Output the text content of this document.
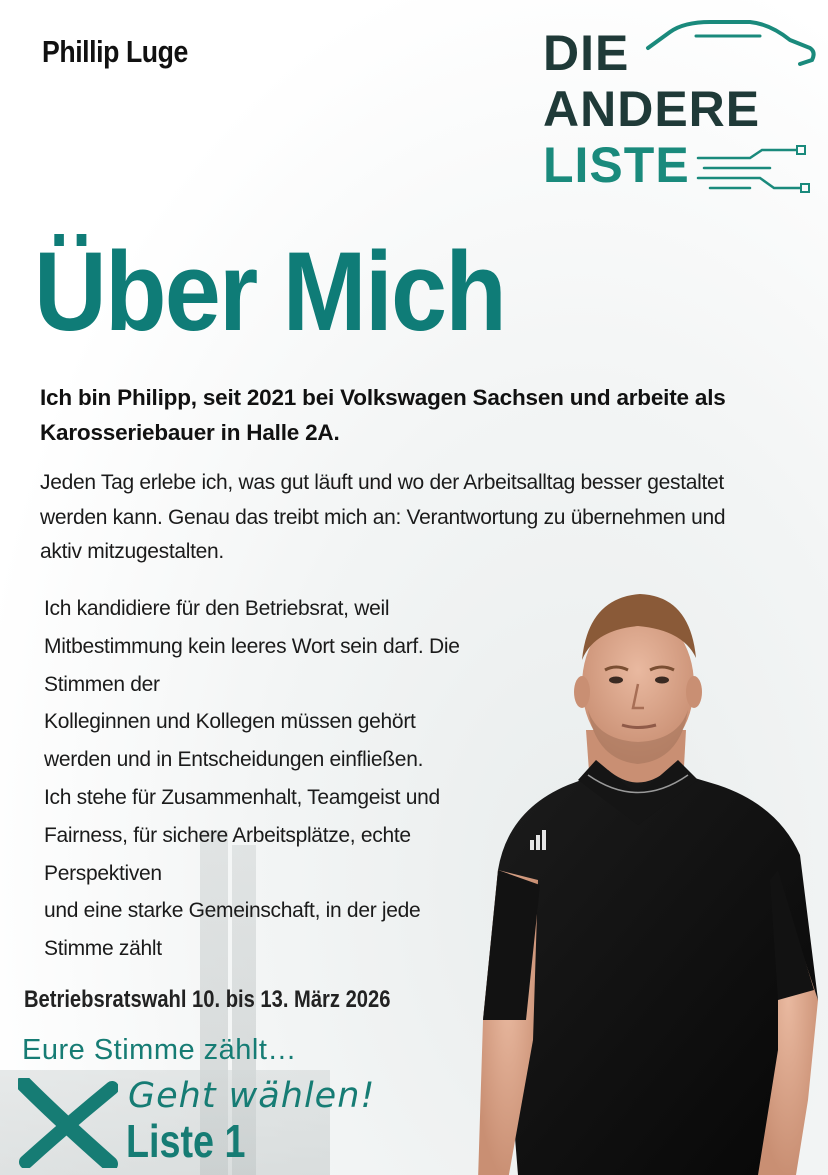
Phillip Luge	DIE
ANDERE
LISTE
Über Mich
Ich bin Philipp, seit 2021 bei Volkswagen Sachsen und arbeite als Karosseriebauer in Halle 2A.
Jeden Tag erlebe ich, was gut läuft und wo der Arbeitsalltag besser gestaltet werden kann. Genau das treibt mich an: Verantwortung zu übernehmen und aktiv mitzugestalten.
Ich kandidiere für den Betriebsrat, weil
Mitbestimmung kein leeres Wort sein darf. Die
Stimmen der
Kolleginnen und Kollegen müssen gehört
werden und in Entscheidungen einfließen.
Ich stehe für Zusammenhalt, Teamgeist und
Fairness, für sichere Arbeitsplätze, echte
Perspektiven
und eine starke Gemeinschaft, in der jede
Stimme zählt
Betriebsratswahl 10. bis 13. März 2026
Eure Stimme zählt…
Geht wählen!
Liste 1
